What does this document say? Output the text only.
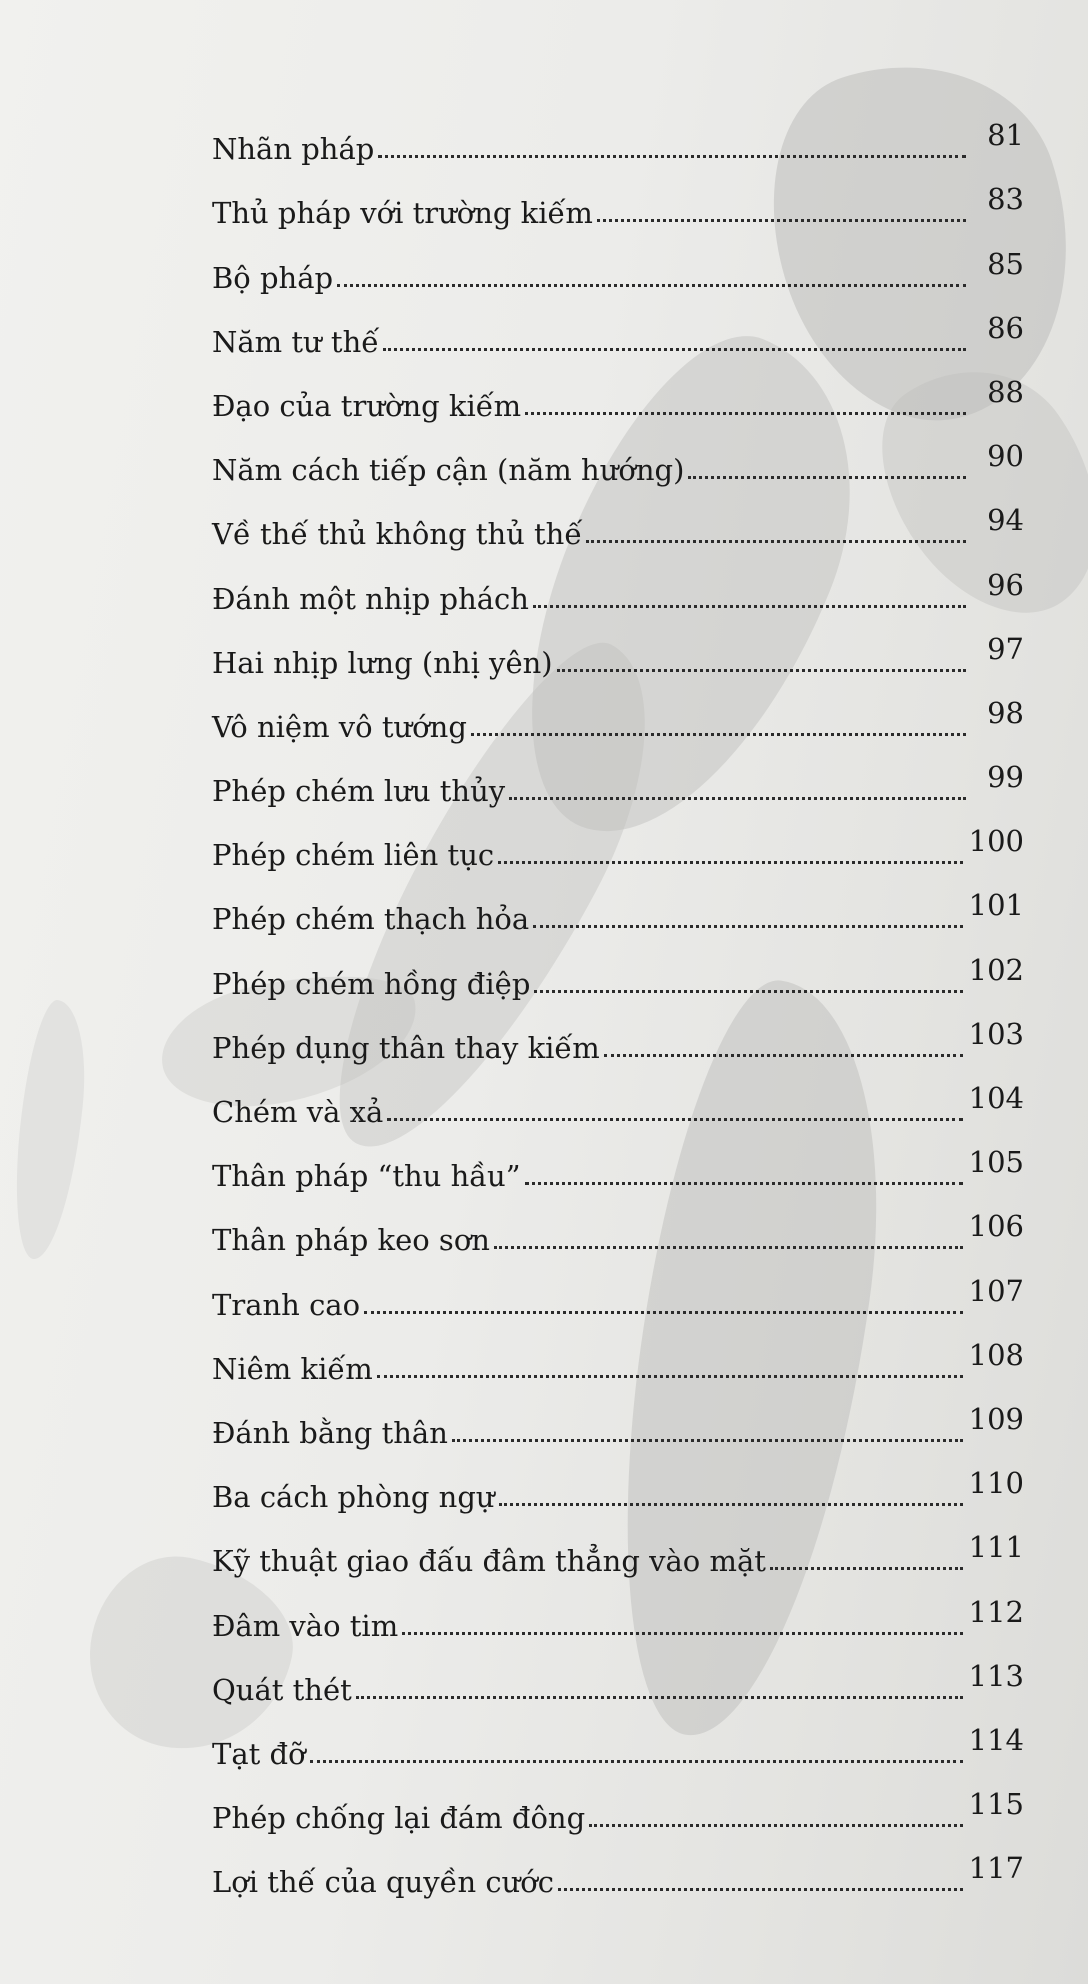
Nhãn pháp	81
Thủ pháp với trường kiếm	83
Bộ pháp	85
Năm tư thế	86
Đạo của trường kiếm	88
Năm cách tiếp cận (năm hướng)	90
Về thế thủ không thủ thế	94
Đánh một nhịp phách	96
Hai nhịp lưng (nhị yên)	97
Vô niệm vô tướng	98
Phép chém lưu thủy	99
Phép chém liên tục	100
Phép chém thạch hỏa	101
Phép chém hồng điệp	102
Phép dụng thân thay kiếm	103
Chém và xả	104
Thân pháp “thu hầu”	105
Thân pháp keo sơn	106
Tranh cao	107
Niêm kiếm	108
Đánh bằng thân	109
Ba cách phòng ngự	110
Kỹ thuật giao đấu đâm thẳng vào mặt	111
Đâm vào tim	112
Quát thét	113
Tạt đỡ	114
Phép chống lại đám đông	115
Lợi thế của quyền cước	117
